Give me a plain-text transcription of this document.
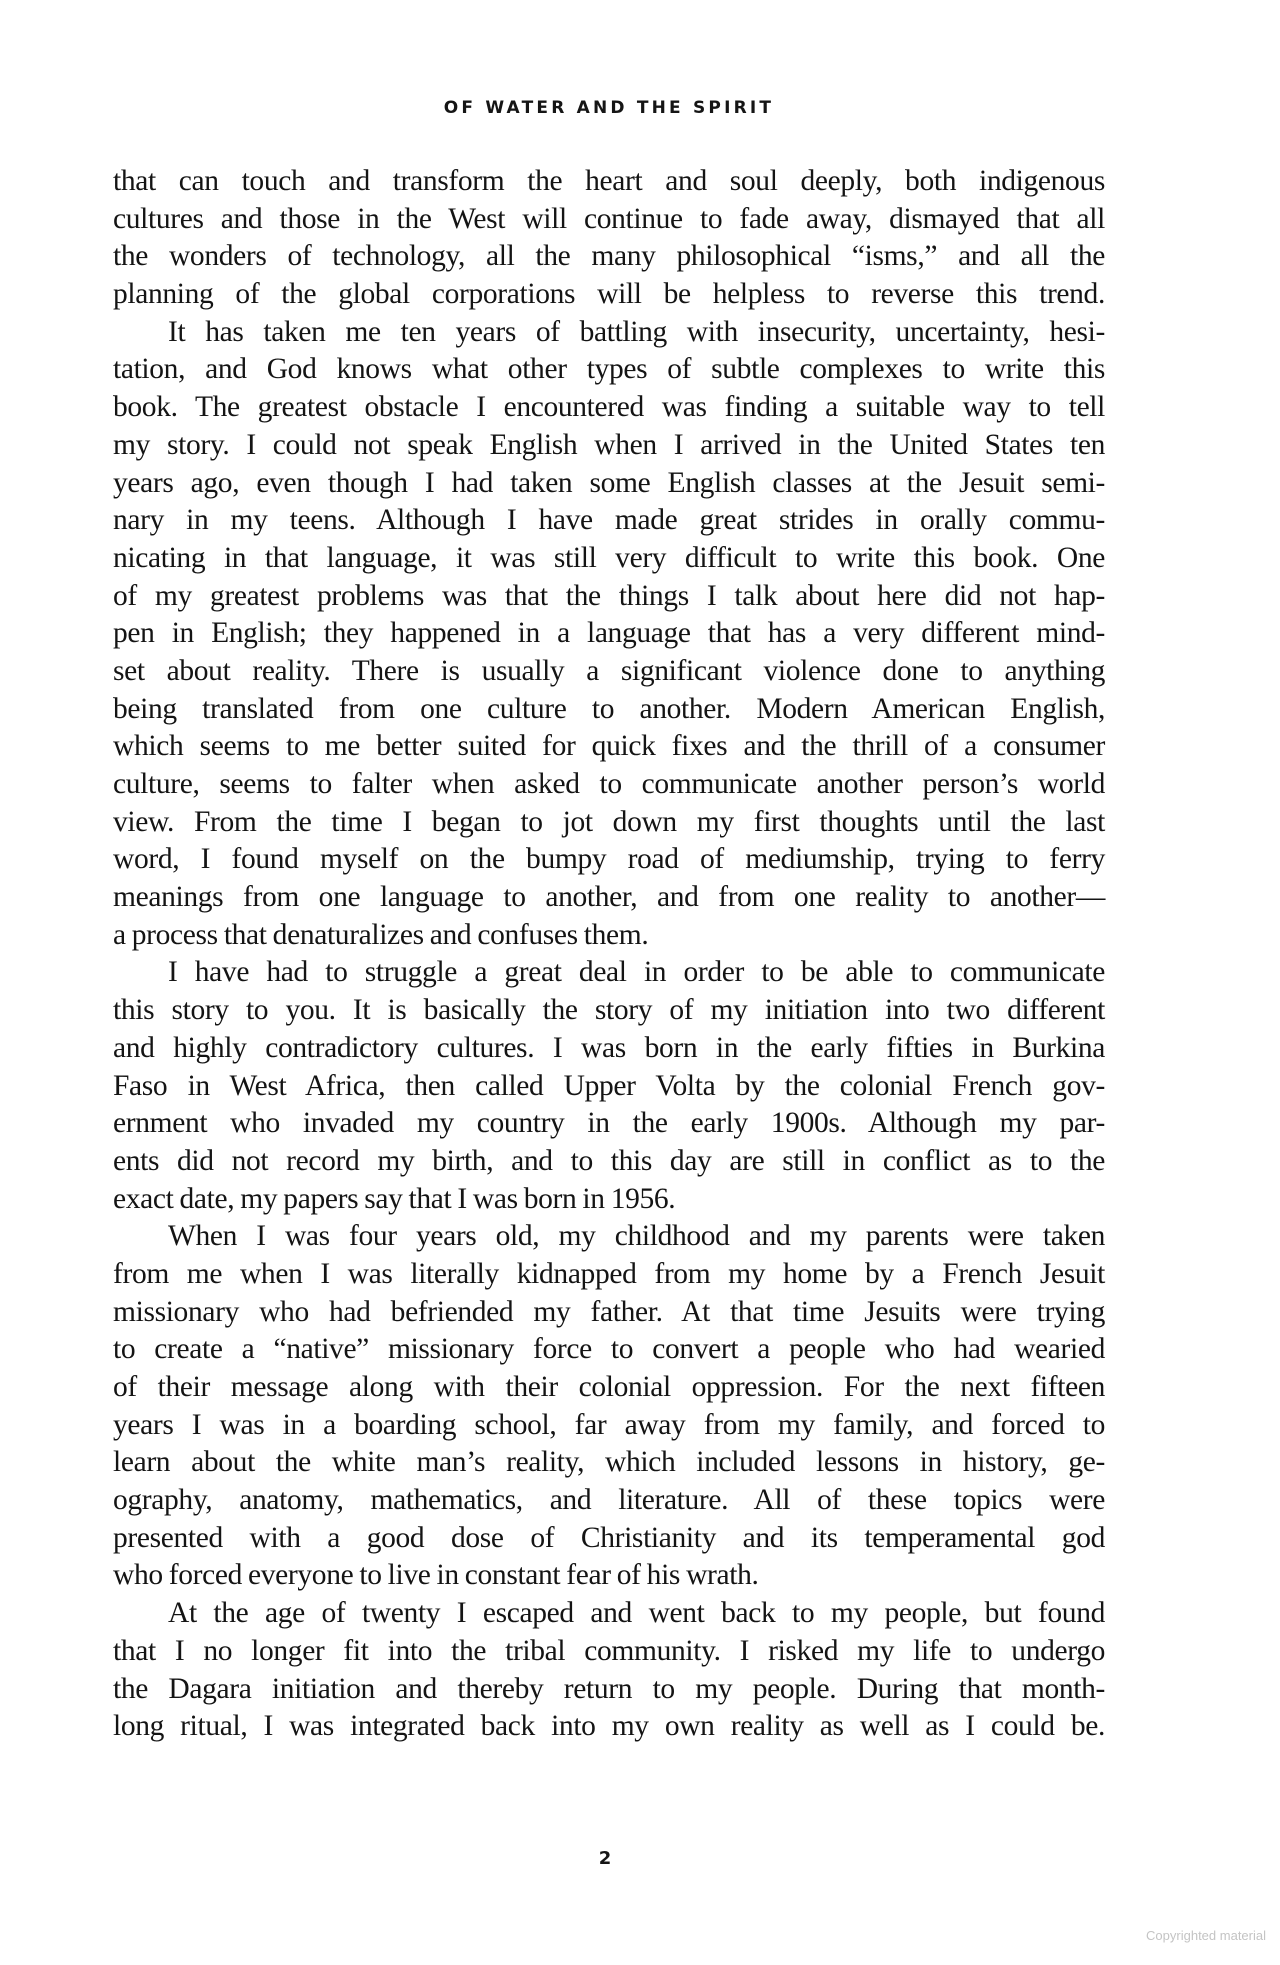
OF WATER AND THE SPIRIT
that can touch and transform the heart and soul deeply, both indigenous
cultures and those in the West will continue to fade away, dismayed that all
the wonders of technology, all the many philosophical “isms,” and all the
planning of the global corporations will be helpless to reverse this trend.
It has taken me ten years of battling with insecurity, uncertainty, hesi-
tation, and God knows what other types of subtle complexes to write this
book. The greatest obstacle I encountered was finding a suitable way to tell
my story. I could not speak English when I arrived in the United States ten
years ago, even though I had taken some English classes at the Jesuit semi-
nary in my teens. Although I have made great strides in orally commu-
nicating in that language, it was still very difficult to write this book. One
of my greatest problems was that the things I talk about here did not hap-
pen in English; they happened in a language that has a very different mind-
set about reality. There is usually a significant violence done to anything
being translated from one culture to another. Modern American English,
which seems to me better suited for quick fixes and the thrill of a consumer
culture, seems to falter when asked to communicate another person’s world
view. From the time I began to jot down my first thoughts until the last
word, I found myself on the bumpy road of mediumship, trying to ferry
meanings from one language to another, and from one reality to another—
a process that denaturalizes and confuses them.
I have had to struggle a great deal in order to be able to communicate
this story to you. It is basically the story of my initiation into two different
and highly contradictory cultures. I was born in the early fifties in Burkina
Faso in West Africa, then called Upper Volta by the colonial French gov-
ernment who invaded my country in the early 1900s. Although my par-
ents did not record my birth, and to this day are still in conflict as to the
exact date, my papers say that I was born in 1956.
When I was four years old, my childhood and my parents were taken
from me when I was literally kidnapped from my home by a French Jesuit
missionary who had befriended my father. At that time Jesuits were trying
to create a “native” missionary force to convert a people who had wearied
of their message along with their colonial oppression. For the next fifteen
years I was in a boarding school, far away from my family, and forced to
learn about the white man’s reality, which included lessons in history, ge-
ography, anatomy, mathematics, and literature. All of these topics were
presented with a good dose of Christianity and its temperamental god
who forced everyone to live in constant fear of his wrath.
At the age of twenty I escaped and went back to my people, but found
that I no longer fit into the tribal community. I risked my life to undergo
the Dagara initiation and thereby return to my people. During that month-
long ritual, I was integrated back into my own reality as well as I could be.
2
Copyrighted material
